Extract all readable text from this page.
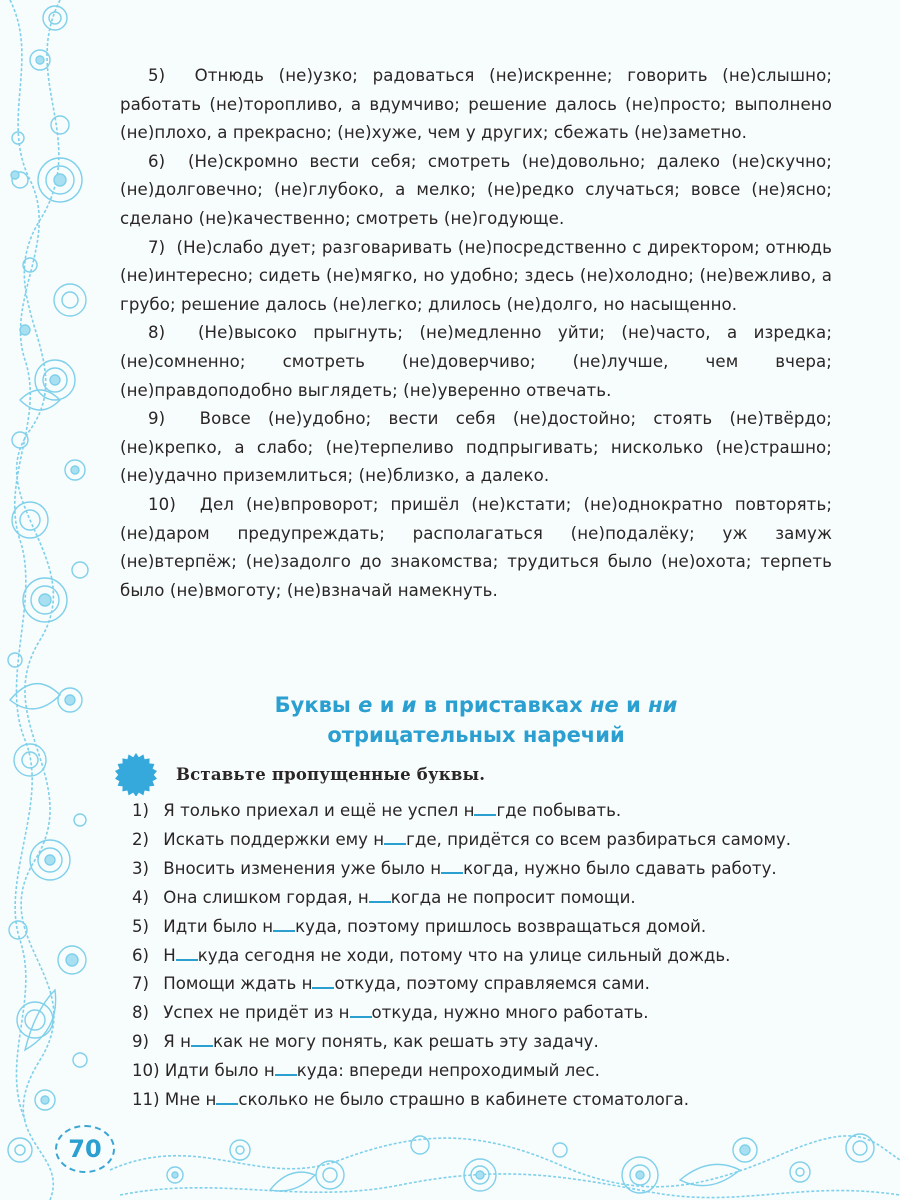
5) Отнюдь (не)узко; радоваться (не)искренне; говорить (не)слышно; работать (не)торопливо, а вдумчиво; решение далось (не)просто; выполнено (не)плохо, а прекрасно; (не)хуже, чем у других; сбежать (не)заметно.

6) (Не)скромно вести себя; смотреть (не)довольно; далеко (не)скучно; (не)долговечно; (не)глубоко, а мелко; (не)редко случаться; вовсе (не)ясно; сделано (не)качественно; смотреть (не)годующе.

7) (Не)слабо дует; разговаривать (не)посредственно с директором; отнюдь (не)интересно; сидеть (не)мягко, но удобно; здесь (не)холодно; (не)вежливо, а грубо; решение далось (не)легко; длилось (не)долго, но насыщенно.

8) (Не)высоко прыгнуть; (не)медленно уйти; (не)часто, а изредка; (не)сомненно; смотреть (не)доверчиво; (не)лучше, чем вчера; (не)правдоподобно выглядеть; (не)уверенно отвечать.

9) Вовсе (не)удобно; вести себя (не)достойно; стоять (не)твёрдо; (не)крепко, а слабо; (не)терпеливо подпрыгивать; нисколько (не)страшно; (не)удачно приземлиться; (не)близко, а далеко.

10) Дел (не)впроворот; пришёл (не)кстати; (не)однократно повторять; (не)даром предупреждать; располагаться (не)подалёку; уж замуж (не)втерпёж; (не)задолго до знакомства; трудиться было (не)охота; терпеть было (не)вмоготу; (не)взначай намекнуть.

Буквы е и и в приставках не и ни
отрицательных наречий
Вставьте пропущенные буквы.
1) Я только приехал и ещё не успел н где побывать.
2) Искать поддержки ему н где, придётся со всем разбираться самому.
3) Вносить изменения уже было н когда, нужно было сдавать работу.
4) Она слишком гордая, н когда не попросит помощи.
5) Идти было н куда, поэтому пришлось возвращаться домой.
6) Н куда сегодня не ходи, потому что на улице сильный дождь.
7) Помощи ждать н откуда, поэтому справляемся сами.
8) Успех не придёт из н откуда, нужно много работать.
9) Я н как не могу понять, как решать эту задачу.
10) Идти было н куда: впереди непроходимый лес.
11) Мне н сколько не было страшно в кабинете стоматолога.
70
